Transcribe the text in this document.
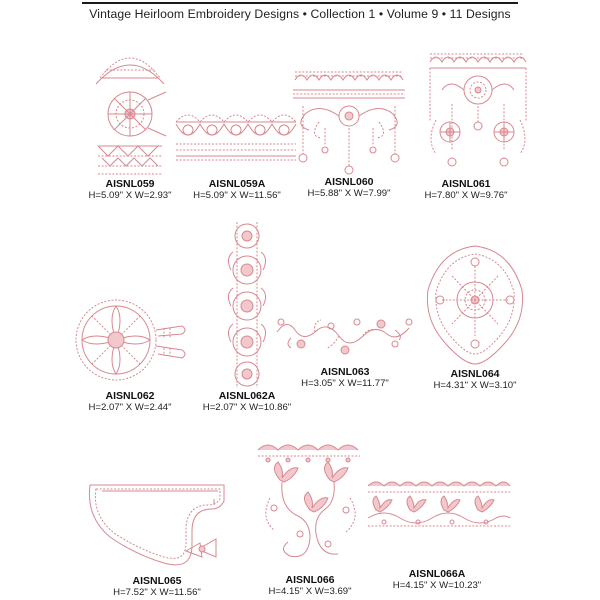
Vintage Heirloom Embroidery Designs • Collection 1 • Volume 9 • 11 Designs
AISNL059
H=5.09" X W=2.93"
AISNL059A
H=5.09" X W=11.56"
AISNL060
H=5.88" X W=7.99"
AISNL061
H=7.80" X W=9.76"
AISNL062
H=2.07" X W=2.44"
AISNL062A
H=2.07" X W=10.86"
AISNL063
H=3.05" X W=11.77"
AISNL064
H=4.31" X W=3.10"
AISNL065
H=7.52" X W=11.56"
AISNL066
H=4.15" X W=3.69"
AISNL066A
H=4.15" X W=10.23"
